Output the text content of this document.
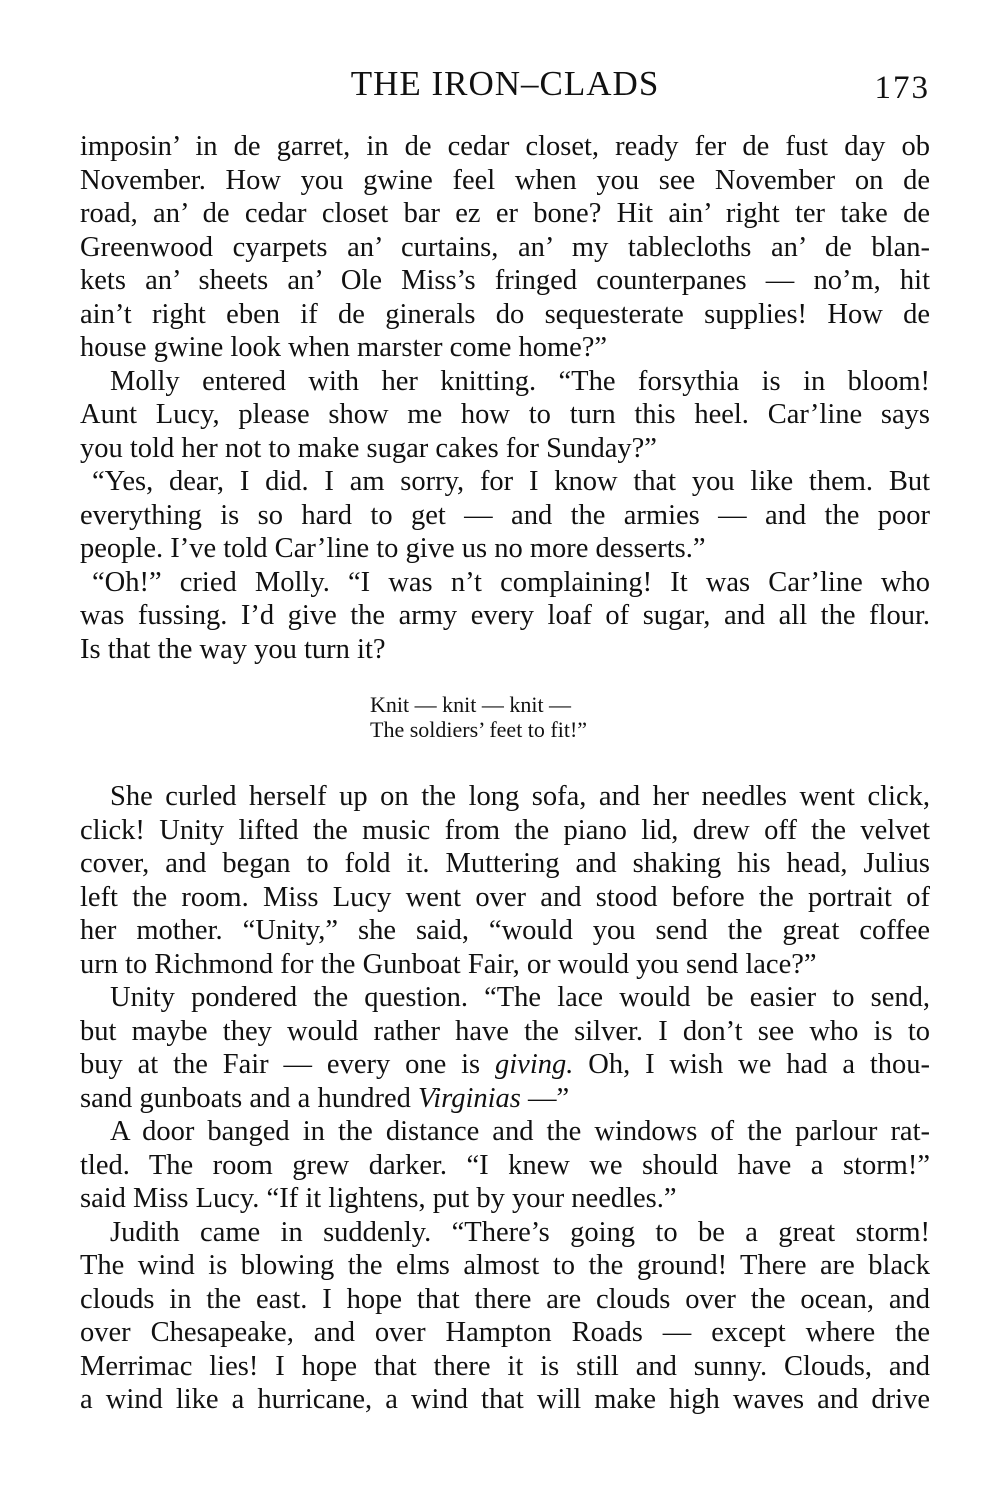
THE IRON–CLADS	173

imposin’ in de garret, in de cedar closet, ready fer de fust day ob
November. How you gwine feel when you see November on de
road, an’ de cedar closet bar ez er bone? Hit ain’ right ter take de
Greenwood cyarpets an’ curtains, an’ my tablecloths an’ de blan-
kets an’ sheets an’ Ole Miss’s fringed counterpanes — no’m, hit
ain’t right eben if de ginerals do sequesterate supplies! How de
house gwine look when marster come home?”

Molly entered with her knitting. “The forsythia is in bloom!
Aunt Lucy, please show me how to turn this heel. Car’line says
you told her not to make sugar cakes for Sunday?”

“Yes, dear, I did. I am sorry, for I know that you like them. But
everything is so hard to get — and the armies — and the poor
people. I’ve told Car’line to give us no more desserts.”

“Oh!” cried Molly. “I was n’t complaining! It was Car’line who
was fussing. I’d give the army every loaf of sugar, and all the flour.
Is that the way you turn it?

Knit — knit — knit —
The soldiers’ feet to fit!”

She curled herself up on the long sofa, and her needles went click,
click! Unity lifted the music from the piano lid, drew off the velvet
cover, and began to fold it. Muttering and shaking his head, Julius
left the room. Miss Lucy went over and stood before the portrait of
her mother. “Unity,” she said, “would you send the great coffee
urn to Richmond for the Gunboat Fair, or would you send lace?”

Unity pondered the question. “The lace would be easier to send,
but maybe they would rather have the silver. I don’t see who is to
buy at the Fair — every one is giving. Oh, I wish we had a thou-
sand gunboats and a hundred Virginias —”

A door banged in the distance and the windows of the parlour rat-
tled. The room grew darker. “I knew we should have a storm!”
said Miss Lucy. “If it lightens, put by your needles.”

Judith came in suddenly. “There’s going to be a great storm!
The wind is blowing the elms almost to the ground! There are black
clouds in the east. I hope that there are clouds over the ocean, and
over Chesapeake, and over Hampton Roads — except where the
Merrimac lies! I hope that there it is still and sunny. Clouds, and
a wind like a hurricane, a wind that will make high waves and drive
